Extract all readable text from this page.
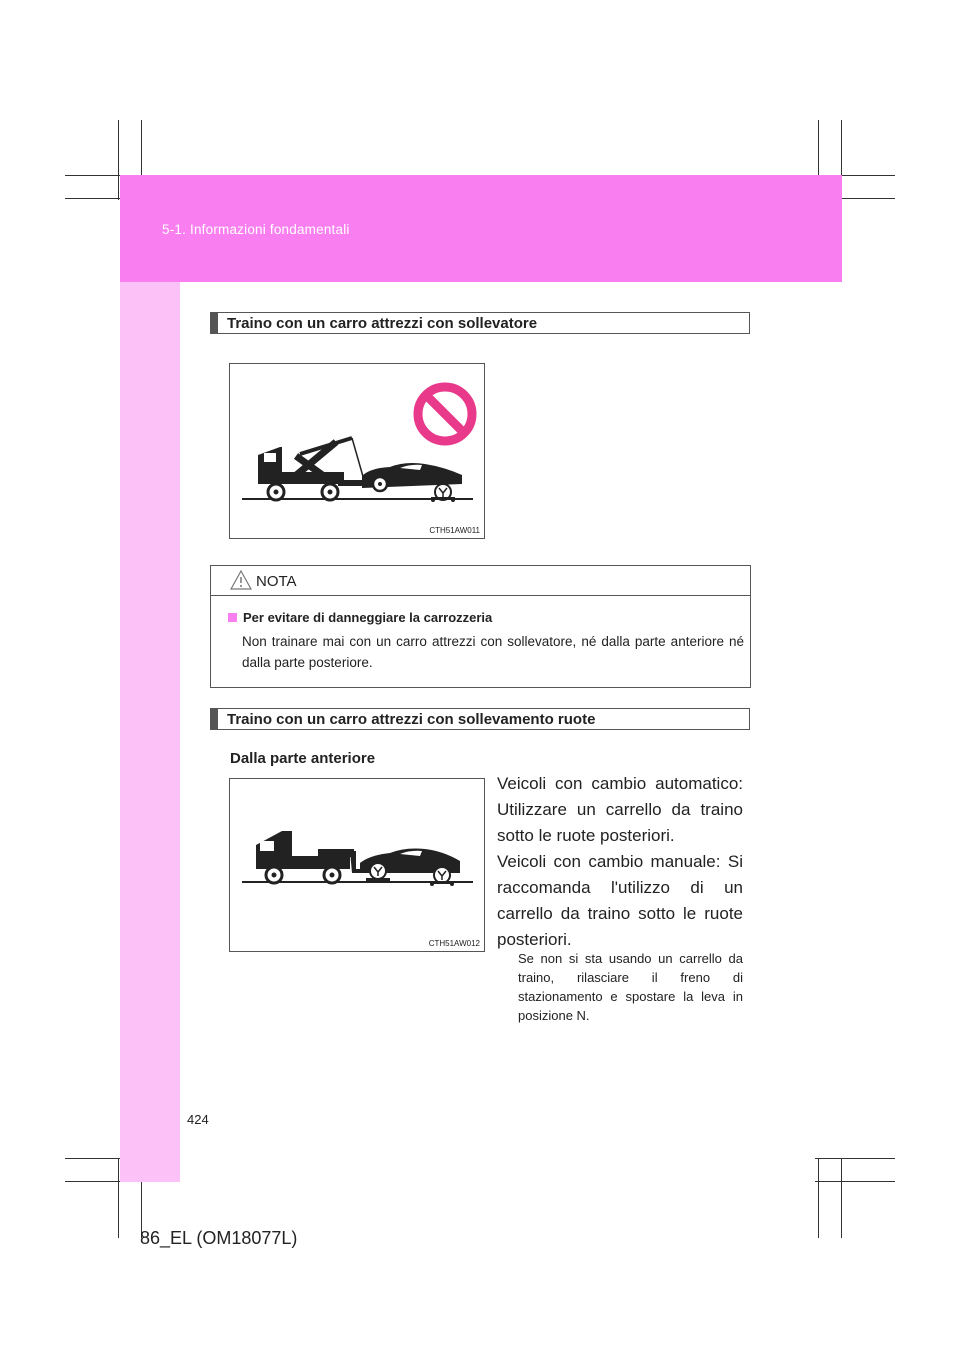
5-1. Informazioni fondamentali
Traino con un carro attrezzi con sollevatore
CTH51AW011
NOTA
Per evitare di danneggiare la carrozzeria
Non trainare mai con un carro attrezzi con sollevatore, né dalla parte anteriore né dalla parte posteriore.
Traino con un carro attrezzi con sollevamento ruote
Dalla parte anteriore
CTH51AW012
Veicoli con cambio automatico: Utilizzare un carrello da traino sotto le ruote posteriori.
Veicoli con cambio manuale: Si raccomanda l'utilizzo di un carrello da traino sotto le ruote posteriori.
Se non si sta usando un carrello da traino, rilasciare il freno di stazionamento e spostare la leva in posizione N.
424
86_EL (OM18077L)
